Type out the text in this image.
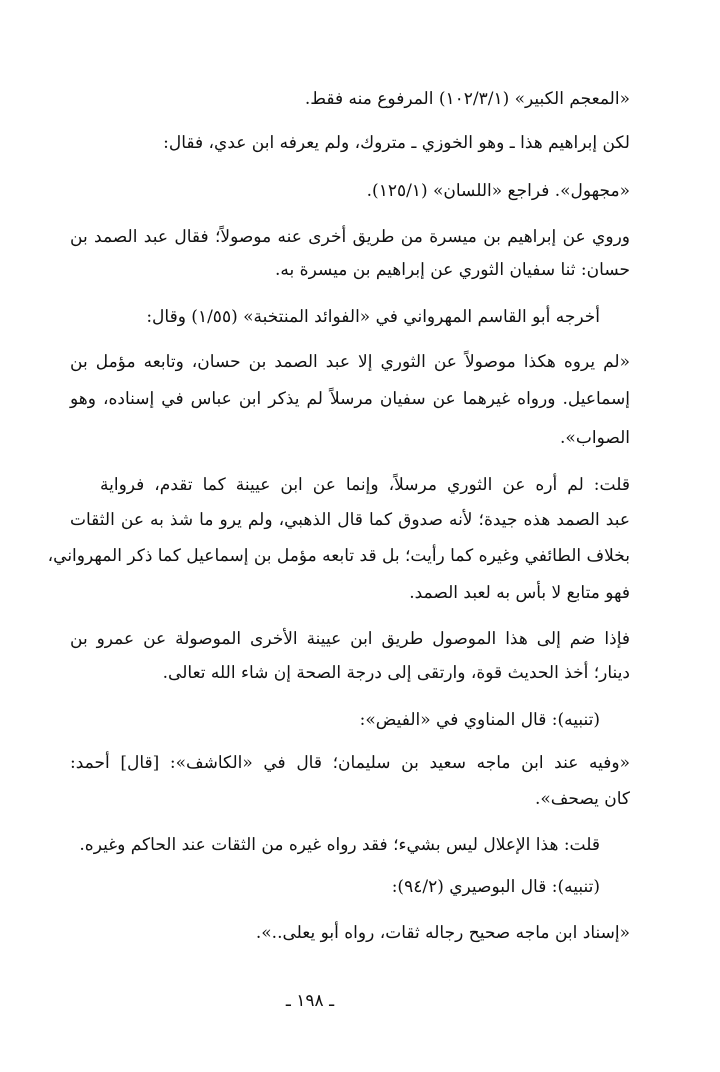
«المعجم الكبير» (١٠٢/٣/١) المرفوع منه فقط.
لكن إبراهيم هذا ـ وهو الخوزي ـ متروك، ولم يعرفه ابن عدي، فقال:
«مجهول». فراجع «اللسان» (١٢٥/١).
وروي عن إبراهيم بن ميسرة من طريق أخرى عنه موصولاً؛ فقال عبد الصمد بن
حسان: ثنا سفيان الثوري عن إبراهيم بن ميسرة به.
أخرجه أبو القاسم المهرواني في «الفوائد المنتخبة» (١/٥٥) وقال:
«لم يروه هكذا موصولاً عن الثوري إلا عبد الصمد بن حسان، وتابعه مؤمل بن
إسماعيل. ورواه غيرهما عن سفيان مرسلاً لم يذكر ابن عباس في إسناده، وهو
الصواب».
قلت: لم أره عن الثوري مرسلاً، وإنما عن ابن عيينة كما تقدم، فرواية
عبد الصمد هذه جيدة؛ لأنه صدوق كما قال الذهبي، ولم يرو ما شذ به عن الثقات
بخلاف الطائفي وغيره كما رأيت؛ بل قد تابعه مؤمل بن إسماعيل كما ذكر المهرواني،
فهو متابع لا بأس به لعبد الصمد.
فإذا ضم إلى هذا الموصول طريق ابن عيينة الأخرى الموصولة عن عمرو بن
دينار؛ أخذ الحديث قوة، وارتقى إلى درجة الصحة إن شاء الله تعالى.
(تنبيه): قال المناوي في «الفيض»:
«وفيه عند ابن ماجه سعيد بن سليمان؛ قال في «الكاشف»: [قال] أحمد:
كان يصحف».
قلت: هذا الإعلال ليس بشيء؛ فقد رواه غيره من الثقات عند الحاكم وغيره.
(تنبيه): قال البوصيري (٩٤/٢):
«إسناد ابن ماجه صحيح رجاله ثقات، رواه أبو يعلى..».
ـ ١٩٨ ـ
